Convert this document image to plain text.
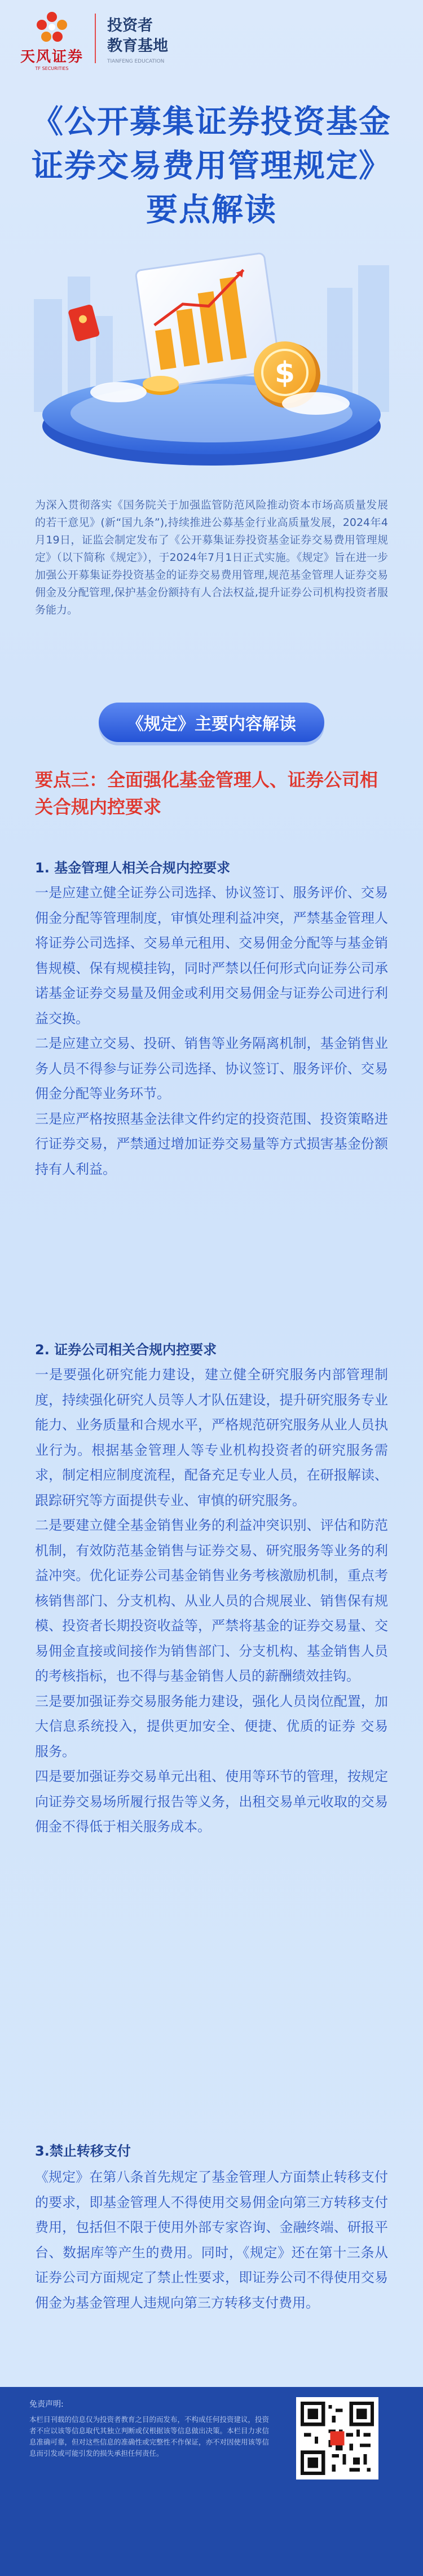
天风证券
TF SECURITIES
投资者
教育基地
TIANFENG EDUCATION
《公开募集证券投资基金
证券交易费用管理规定》
要点解读
$
为深入贯彻落实《国务院关于加强监管防范风险推动资本市场高质量发展的若干意见》(新“国九条”),持续推进公募基金行业高质量发展，2024年4月19日，证监会制定发布了《公开募集证券投资基金证券交易费用管理规定》（以下简称《规定》），于2024年7月1日正式实施。《规定》旨在进一步加强公开募集证券投资基金的证券交易费用管理,规范基金管理人证券交易佣金及分配管理,保护基金份额持有人合法权益,提升证券公司机构投资者服务能力。
《规定》主要内容解读
要点三：全面强化基金管理人、证券公司相关合规内控要求
1. 基金管理人相关合规内控要求

一是应建立健全证券公司选择、协议签订、服务评价、交易佣金分配等管理制度，审慎处理利益冲突，严禁基金管理人将证券公司选择、交易单元租用、交易佣金分配等与基金销售规模、保有规模挂钩，同时严禁以任何形式向证券公司承诺基金证券交易量及佣金或利用交易佣金与证券公司进行利益交换。

二是应建立交易、投研、销售等业务隔离机制，基金销售业务人员不得参与证券公司选择、协议签订、服务评价、交易佣金分配等业务环节。

三是应严格按照基金法律文件约定的投资范围、投资策略进行证券交易，严禁通过增加证券交易量等方式损害基金份额持有人利益。

2. 证券公司相关合规内控要求

一是要强化研究能力建设，建立健全研究服务内部管理制度，持续强化研究人员等人才队伍建设，提升研究服务专业能力、业务质量和合规水平，严格规范研究服务从业人员执业行为。根据基金管理人等专业机构投资者的研究服务需求，制定相应制度流程，配备充足专业人员，在研报解读、跟踪研究等方面提供专业、审慎的研究服务。

二是要建立健全基金销售业务的利益冲突识别、评估和防范机制，有效防范基金销售与证券交易、研究服务等业务的利益冲突。优化证券公司基金销售业务考核激励机制，重点考核销售部门、分支机构、从业人员的合规展业、销售保有规模、投资者长期投资收益等，严禁将基金的证券交易量、交易佣金直接或间接作为销售部门、分支机构、基金销售人员的考核指标，也不得与基金销售人员的薪酬绩效挂钩。

三是要加强证券交易服务能力建设，强化人员岗位配置，加大信息系统投入，提供更加安全、便捷、优质的证券 交易服务。

四是要加强证券交易单元出租、使用等环节的管理，按规定向证券交易场所履行报告等义务，出租交易单元收取的交易佣金不得低于相关服务成本。

3.禁止转移支付

《规定》在第八条首先规定了基金管理人方面禁止转移支付的要求，即基金管理人不得使用交易佣金向第三方转移支付费用，包括但不限于使用外部专家咨询、金融终端、研报平台、数据库等产生的费用。同时，《规定》还在第十三条从证券公司方面规定了禁止性要求，即证券公司不得使用交易佣金为基金管理人违规向第三方转移支付费用。

免责声明:
本栏目刊载的信息仅为投资者教育之目的而发布，不构成任何投资建议，投资者不应以该等信息取代其独立判断或仅根据该等信息做出决策。本栏目力求信息准确可靠，但对这些信息的准确性或完整性不作保证，亦不对因使用该等信息而引发或可能引发的损失承担任何责任。
